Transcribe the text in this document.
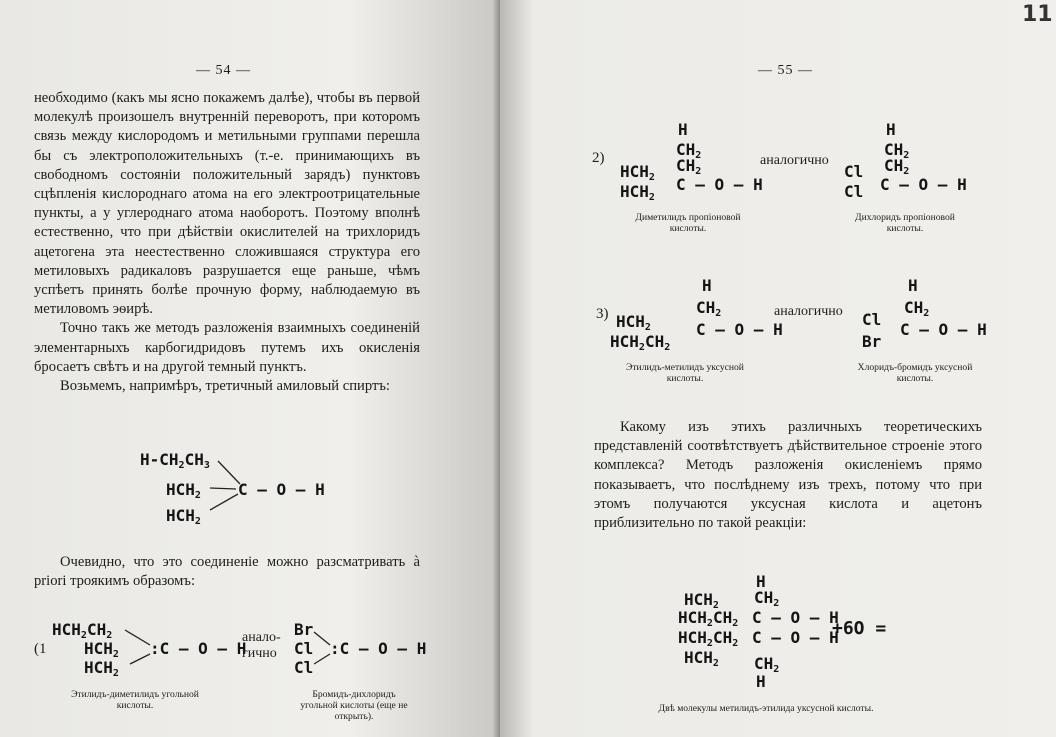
— 54 —

необходимо (какъ мы ясно покажемъ далѣе), чтобы въ первой молекулѣ произошелъ внутренній переворотъ, при которомъ связь между кислородомъ и метильными группами перешла бы съ электроположительныхъ (т.-е. принимающихъ въ свободномъ состояніи положительный зарядъ) пунктовъ сцѣпленія кислороднаго атома на его электроотрицательные пункты, а у углероднаго атома наоборотъ. Поэтому вполнѣ естественно, что при дѣйствіи окислителей на трихлоридъ ацетогена эта неестественно сложившаяся структура его метиловыхъ радикаловъ разрушается еще раньше, чѣмъ успѣетъ принять болѣе прочную форму, наблюдаемую въ метиловомъ эѳирѣ.

Точно такъ же методъ разложенія взаимныхъ соединеній элементарныхъ карбогидридовъ путемъ ихъ окисленія бросаетъ свѣтъ и на другой темный пунктъ.

Возьмемъ, напримѣръ, третичный амиловый спиртъ:

$H-CH_2CH_3$
$HCH_2$ C — O — H
$HCH_2$

Очевидно, что это соединеніе можно разсматривать à priori троякимъ образомъ:

(1
$HCH_2CH_2$
$HCH_2$
$HCH_2$
:C — O — H
анало-
гично
Br
Cl
Cl
:C — O — H
Этилидъ-диметилидъ угольной кислоты.
Бромидъ-дихлоридъ угольной кислоты (еще не открыть).
— 55 —
11
2)
H
$CH_2$
$CH_2$
$HCH_2$
$HCH_2$
C — O — H
аналогично
H
$CH_2$
$CH_2$
Cl
Cl C — O — H
Диметилидъ пропіоновой кислоты.
Дихлоридъ пропіоновой кислоты.
3)
H
$CH_2$
$HCH_2$
$HCH_2CH_2$
C — O — H
аналогично
H
$CH_2$
Cl
Br
C — O — H
Этилидъ-метилидъ уксусной кислоты.
Хлоридъ-бромидъ уксусной кислоты.

Какому изъ этихъ различныхъ теоретическихъ представленій соотвѣтствуетъ дѣйствительное строеніе этого комплекса? Методъ разложенія окисленіемъ прямо показываетъ, что послѣднему изъ трехъ, потому что при этомъ получаются уксусная кислота и ацетонъ приблизительно по такой реакціи:

H
$CH_2$
$HCH_2$
$HCH_2CH_2$ C — O — H
$HCH_2CH_2$ C — O — H
$HCH_2$ $CH_2$
H
+6O =
Двѣ молекулы метилидъ-этилида уксусной кислоты.
